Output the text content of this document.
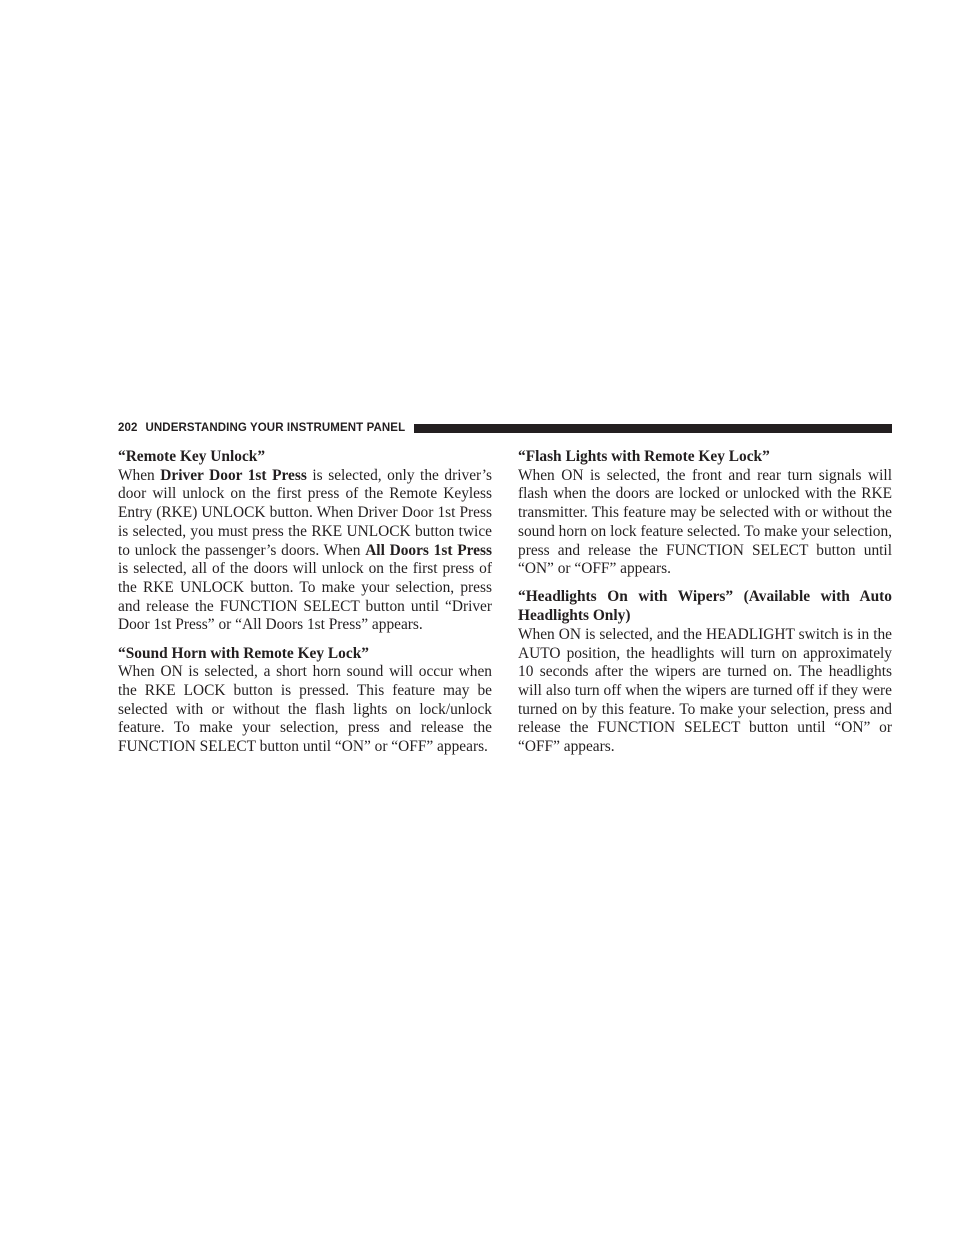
202 UNDERSTANDING YOUR INSTRUMENT PANEL
“Remote Key Unlock”

When Driver Door 1st Press is selected, only the driver’s door will unlock on the first press of the Remote Keyless Entry (RKE) UNLOCK button. When Driver Door 1st Press is selected, you must press the RKE UNLOCK button twice to unlock the passenger’s doors. When All Doors 1st Press is selected, all of the doors will unlock on the first press of the RKE UNLOCK button. To make your selection, press and release the FUNCTION SELECT button until “Driver Door 1st Press” or “All Doors 1st Press” appears.

“Sound Horn with Remote Key Lock”

When ON is selected, a short horn sound will occur when the RKE LOCK button is pressed. This feature may be selected with or without the flash lights on lock/unlock feature. To make your selection, press and release the FUNCTION SELECT button until “ON” or “OFF” appears.

“Flash Lights with Remote Key Lock”

When ON is selected, the front and rear turn signals will flash when the doors are locked or unlocked with the RKE transmitter. This feature may be selected with or without the sound horn on lock feature selected. To make your selection, press and release the FUNCTION SELECT button until “ON” or “OFF” appears.

“Headlights On with Wipers” (Available with Auto Headlights Only)

When ON is selected, and the HEADLIGHT switch is in the AUTO position, the headlights will turn on approximately 10 seconds after the wipers are turned on. The headlights will also turn off when the wipers are turned off if they were turned on by this feature. To make your selection, press and release the FUNCTION SELECT button until “ON” or “OFF” appears.
